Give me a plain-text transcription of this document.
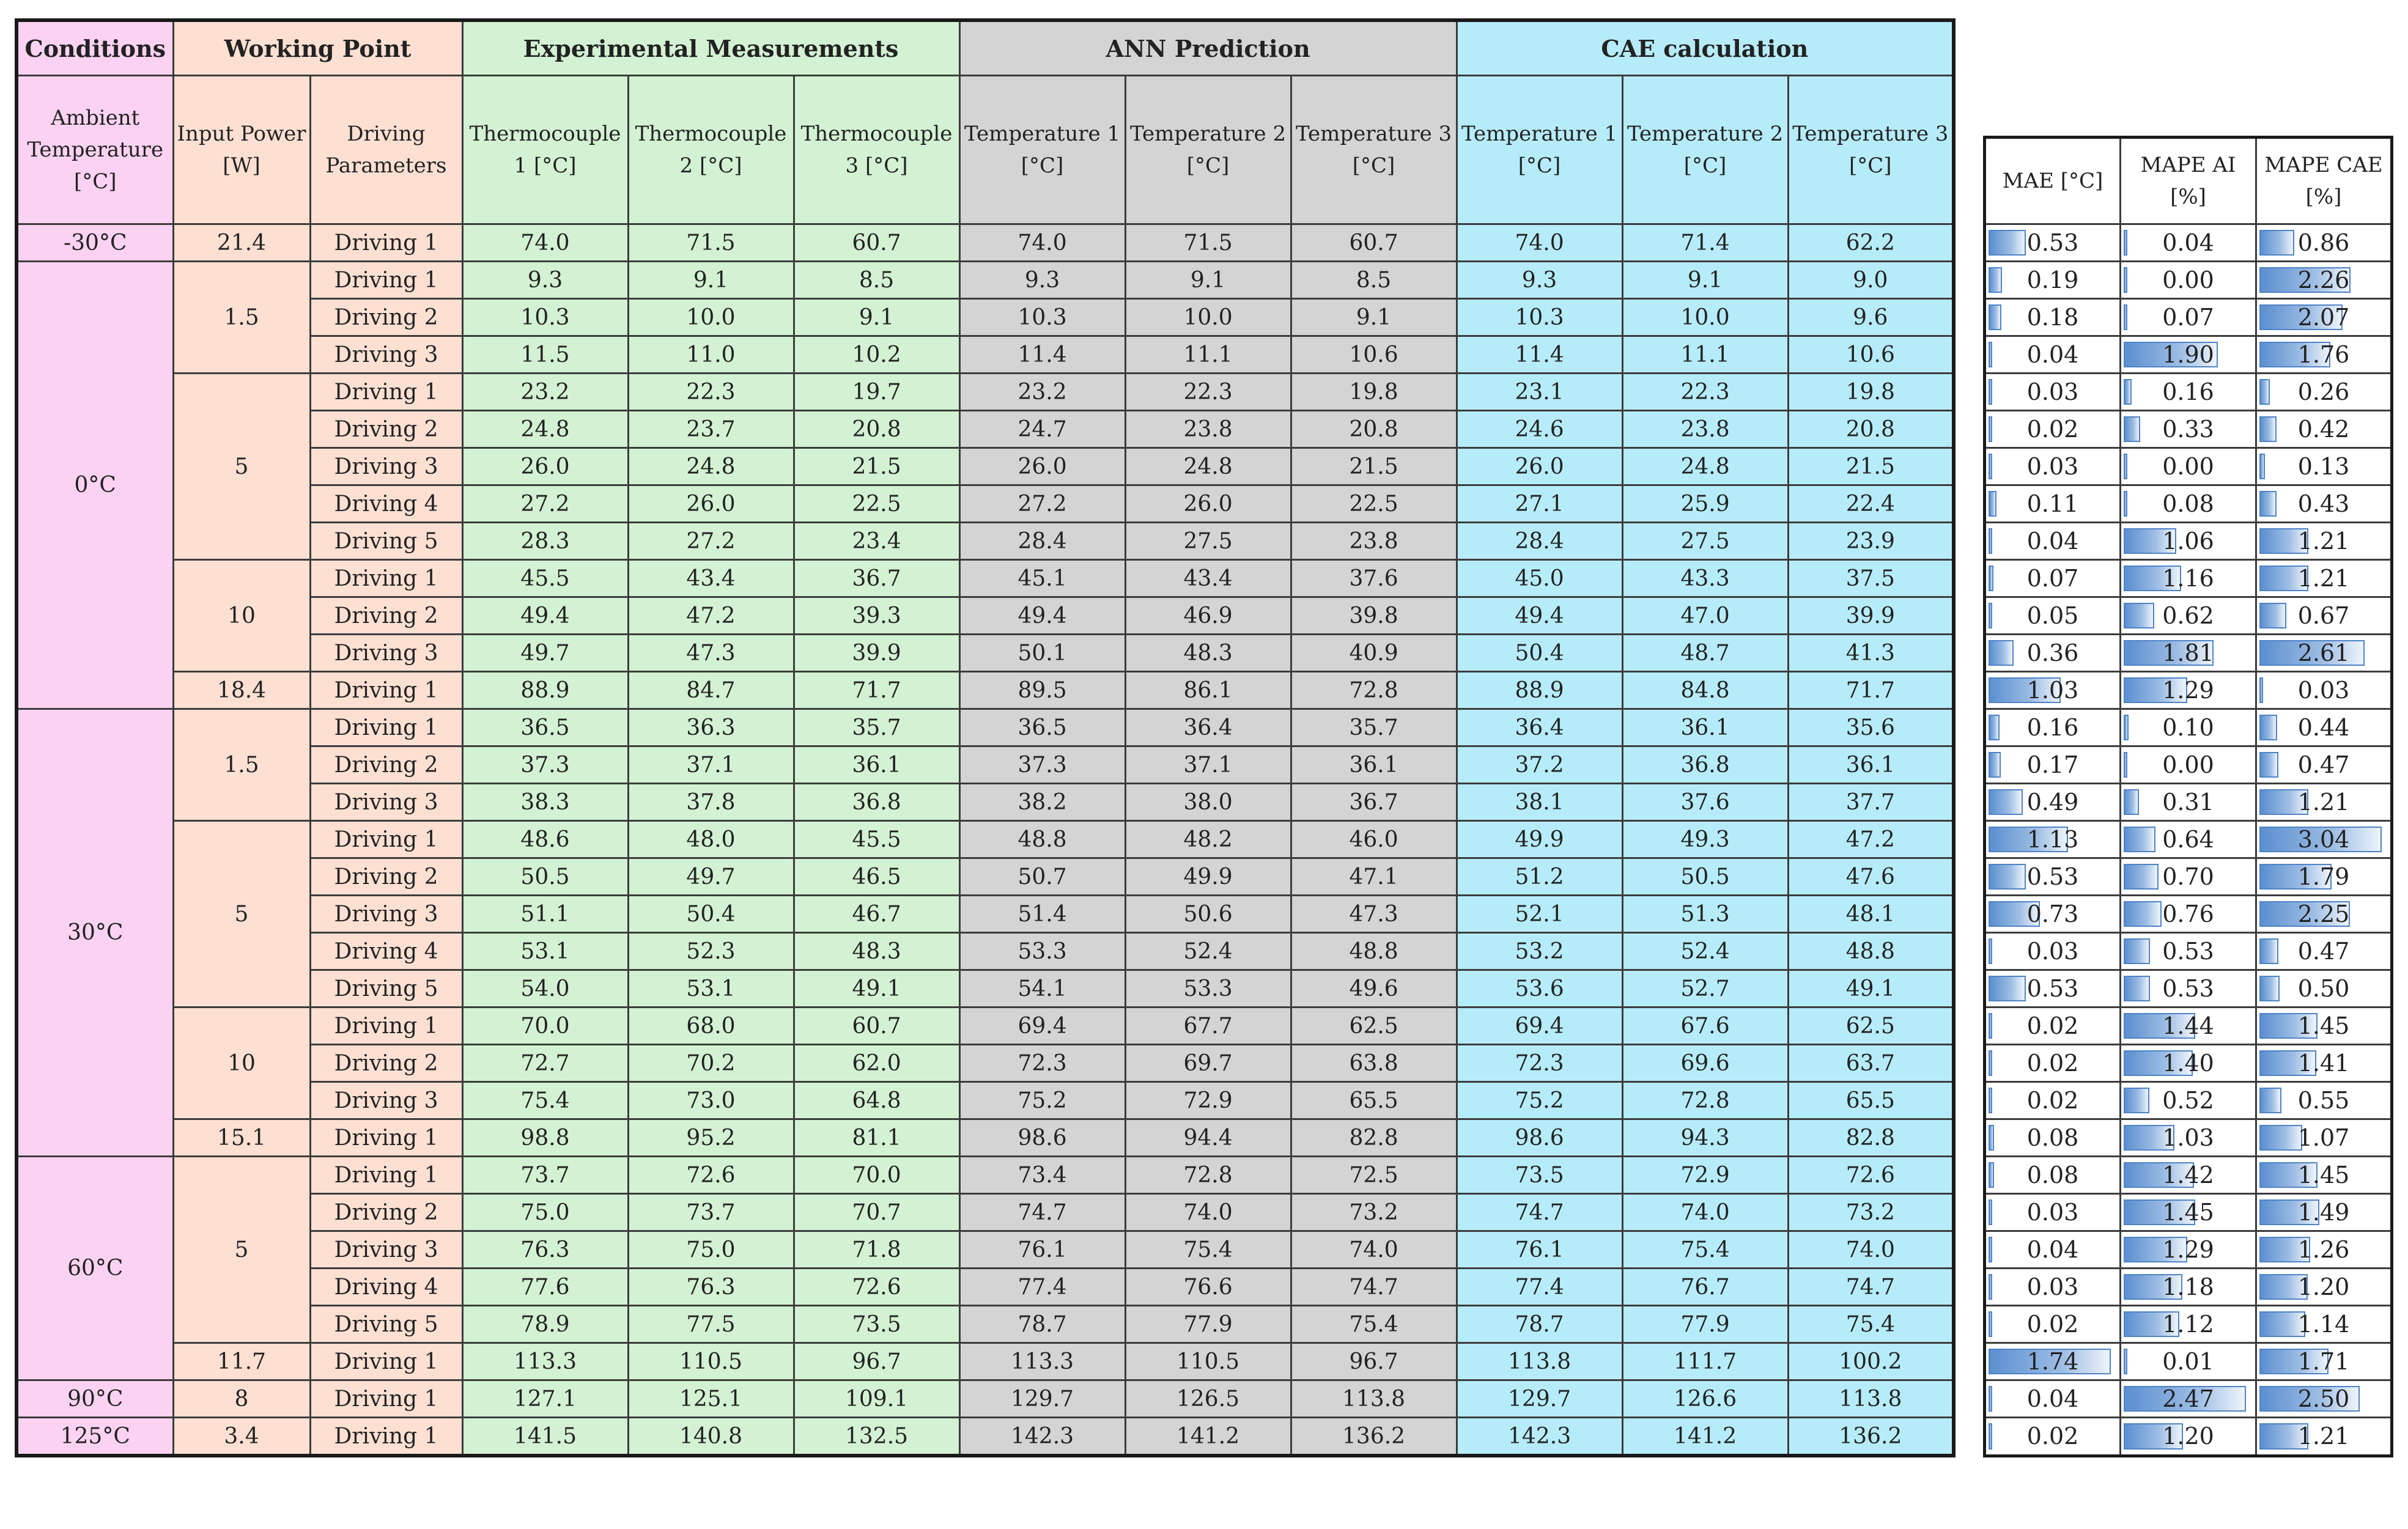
Conditions	Working Point		Experimental Measurements			ANN Prediction			CAE calculation		
Ambient Temperature [°C]	Input Power [W]	Driving Parameters	Thermocouple 1 [°C]	Thermocouple 2 [°C]	Thermocouple 3 [°C]	Temperature 1 [°C]	Temperature 2 [°C]	Temperature 3 [°C]	Temperature 1 [°C]	Temperature 2 [°C]	Temperature 3 [°C]
-30°C	21.4	Driving 1	74.0	71.5	60.7	74.0	71.5	60.7	74.0	71.4	62.2
0°C	1.5	Driving 1	9.3	9.1	8.5	9.3	9.1	8.5	9.3	9.1	9.0
		Driving 2	10.3	10.0	9.1	10.3	10.0	9.1	10.3	10.0	9.6
		Driving 3	11.5	11.0	10.2	11.4	11.1	10.6	11.4	11.1	10.6
	5	Driving 1	23.2	22.3	19.7	23.2	22.3	19.8	23.1	22.3	19.8
		Driving 2	24.8	23.7	20.8	24.7	23.8	20.8	24.6	23.8	20.8
		Driving 3	26.0	24.8	21.5	26.0	24.8	21.5	26.0	24.8	21.5
		Driving 4	27.2	26.0	22.5	27.2	26.0	22.5	27.1	25.9	22.4
		Driving 5	28.3	27.2	23.4	28.4	27.5	23.8	28.4	27.5	23.9
	10	Driving 1	45.5	43.4	36.7	45.1	43.4	37.6	45.0	43.3	37.5
		Driving 2	49.4	47.2	39.3	49.4	46.9	39.8	49.4	47.0	39.9
		Driving 3	49.7	47.3	39.9	50.1	48.3	40.9	50.4	48.7	41.3
	18.4	Driving 1	88.9	84.7	71.7	89.5	86.1	72.8	88.9	84.8	71.7
30°C	1.5	Driving 1	36.5	36.3	35.7	36.5	36.4	35.7	36.4	36.1	35.6
		Driving 2	37.3	37.1	36.1	37.3	37.1	36.1	37.2	36.8	36.1
		Driving 3	38.3	37.8	36.8	38.2	38.0	36.7	38.1	37.6	37.7
	5	Driving 1	48.6	48.0	45.5	48.8	48.2	46.0	49.9	49.3	47.2
		Driving 2	50.5	49.7	46.5	50.7	49.9	47.1	51.2	50.5	47.6
		Driving 3	51.1	50.4	46.7	51.4	50.6	47.3	52.1	51.3	48.1
		Driving 4	53.1	52.3	48.3	53.3	52.4	48.8	53.2	52.4	48.8
		Driving 5	54.0	53.1	49.1	54.1	53.3	49.6	53.6	52.7	49.1
	10	Driving 1	70.0	68.0	60.7	69.4	67.7	62.5	69.4	67.6	62.5
		Driving 2	72.7	70.2	62.0	72.3	69.7	63.8	72.3	69.6	63.7
		Driving 3	75.4	73.0	64.8	75.2	72.9	65.5	75.2	72.8	65.5
	15.1	Driving 1	98.8	95.2	81.1	98.6	94.4	82.8	98.6	94.3	82.8
60°C	5	Driving 1	73.7	72.6	70.0	73.4	72.8	72.5	73.5	72.9	72.6
		Driving 2	75.0	73.7	70.7	74.7	74.0	73.2	74.7	74.0	73.2
		Driving 3	76.3	75.0	71.8	76.1	75.4	74.0	76.1	75.4	74.0
		Driving 4	77.6	76.3	72.6	77.4	76.6	74.7	77.4	76.7	74.7
		Driving 5	78.9	77.5	73.5	78.7	77.9	75.4	78.7	77.9	75.4
	11.7	Driving 1	113.3	110.5	96.7	113.3	110.5	96.7	113.8	111.7	100.2
90°C	8	Driving 1	127.1	125.1	109.1	129.7	126.5	113.8	129.7	126.6	113.8
125°C	3.4	Driving 1	141.5	140.8	132.5	142.3	141.2	136.2	142.3	141.2	136.2
MAE [°C]	MAPE AI [%]	MAPE CAE [%]

0.53	0.04	0.86

0.19	0.00	2.26

0.18	0.07	2.07

0.04	1.90	1.76

0.03	0.16	0.26

0.02	0.33	0.42

0.03	0.00	0.13

0.11	0.08	0.43

0.04	1.06	1.21

0.07	1.16	1.21

0.05	0.62	0.67

0.36	1.81	2.61

1.03	1.29	0.03

0.16	0.10	0.44

0.17	0.00	0.47

0.49	0.31	1.21

1.13	0.64	3.04

0.53	0.70	1.79

0.73	0.76	2.25

0.03	0.53	0.47

0.53	0.53	0.50

0.02	1.44	1.45

0.02	1.40	1.41

0.02	0.52	0.55

0.08	1.03	1.07

0.08	1.42	1.45

0.03	1.45	1.49

0.04	1.29	1.26

0.03	1.18	1.20

0.02	1.12	1.14

1.74	0.01	1.71

0.04	2.47	2.50

0.02	1.20	1.21
